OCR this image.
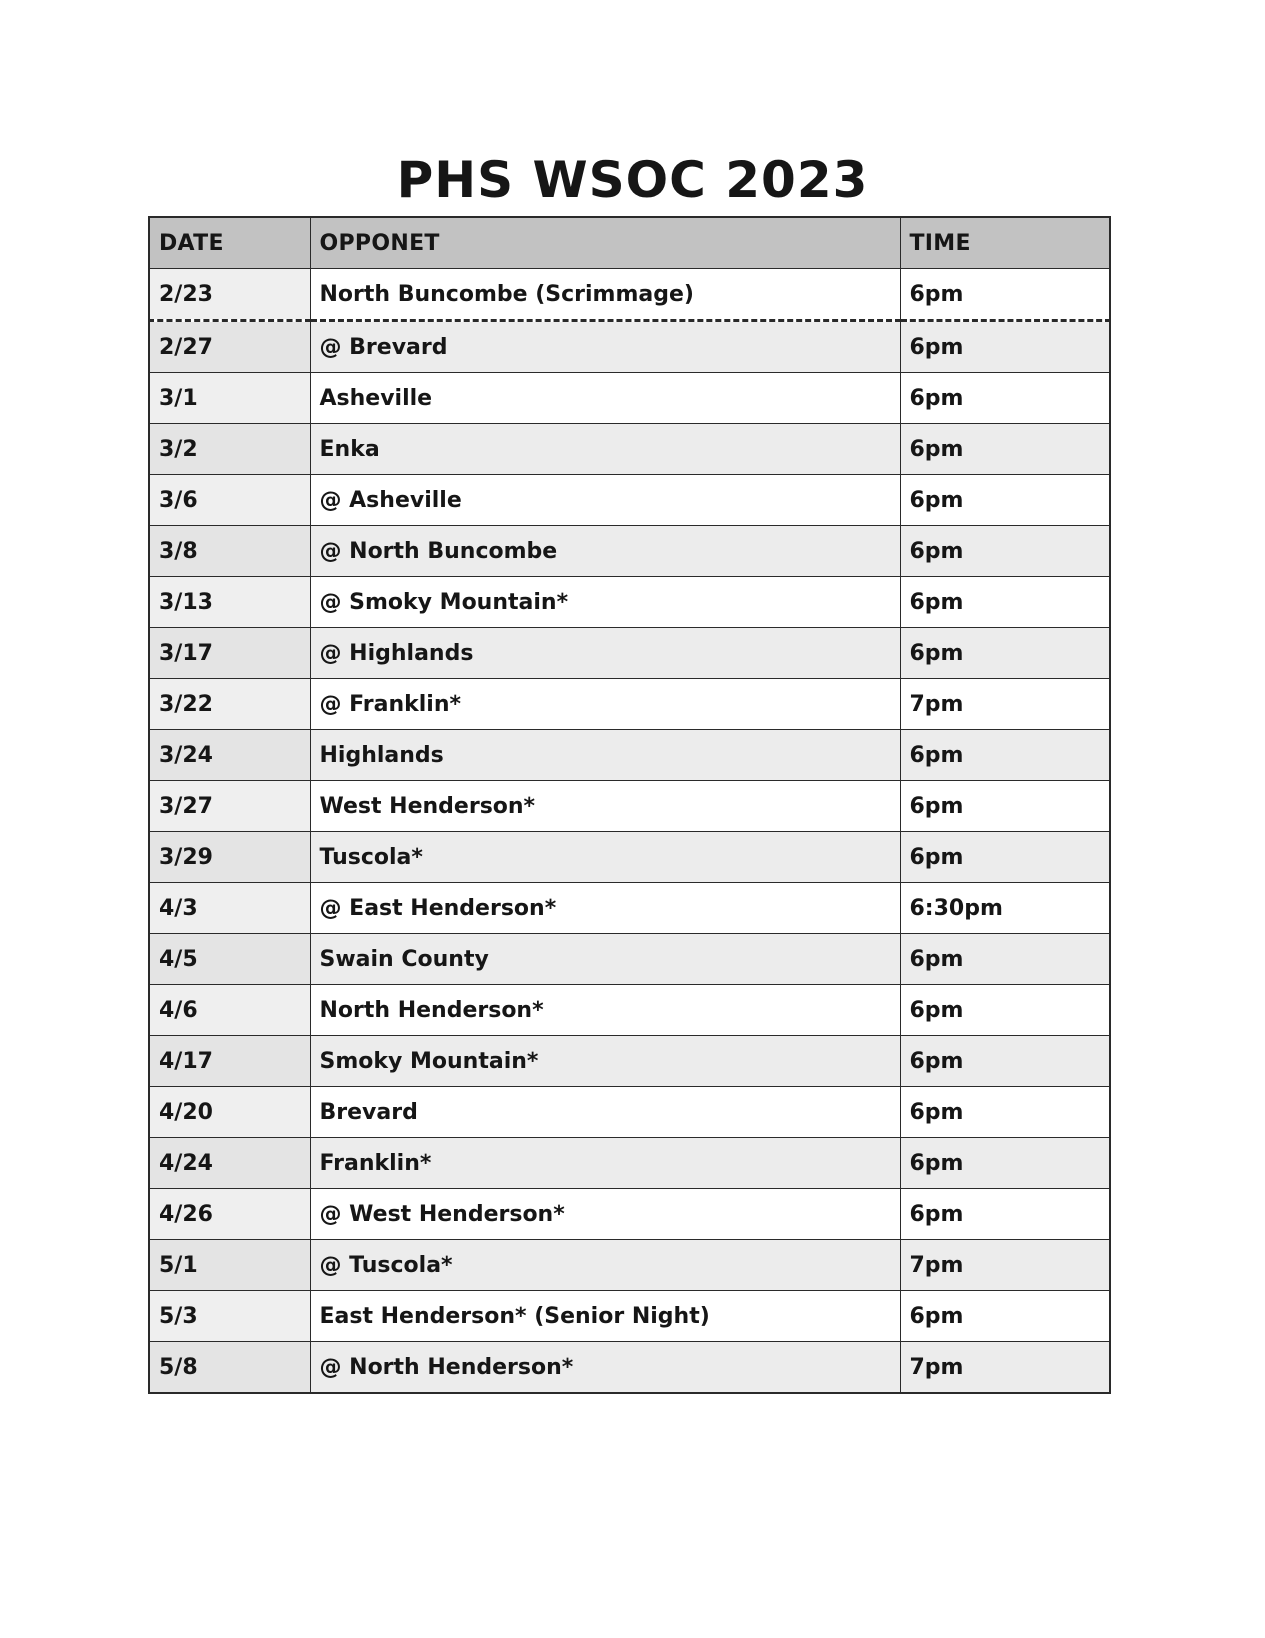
PHS WSOC 2023
DATE	OPPONET	TIME
2/23	North Buncombe (Scrimmage)	6pm
2/27	@ Brevard	6pm
3/1	Asheville	6pm
3/2	Enka	6pm
3/6	@ Asheville	6pm
3/8	@ North Buncombe	6pm
3/13	@ Smoky Mountain*	6pm
3/17	@ Highlands	6pm
3/22	@ Franklin*	7pm
3/24	Highlands	6pm
3/27	West Henderson*	6pm
3/29	Tuscola*	6pm
4/3	@ East Henderson*	6:30pm
4/5	Swain County	6pm
4/6	North Henderson*	6pm
4/17	Smoky Mountain*	6pm
4/20	Brevard	6pm
4/24	Franklin*	6pm
4/26	@ West Henderson*	6pm
5/1	@ Tuscola*	7pm
5/3	East Henderson* (Senior Night)	6pm
5/8	@ North Henderson*	7pm
